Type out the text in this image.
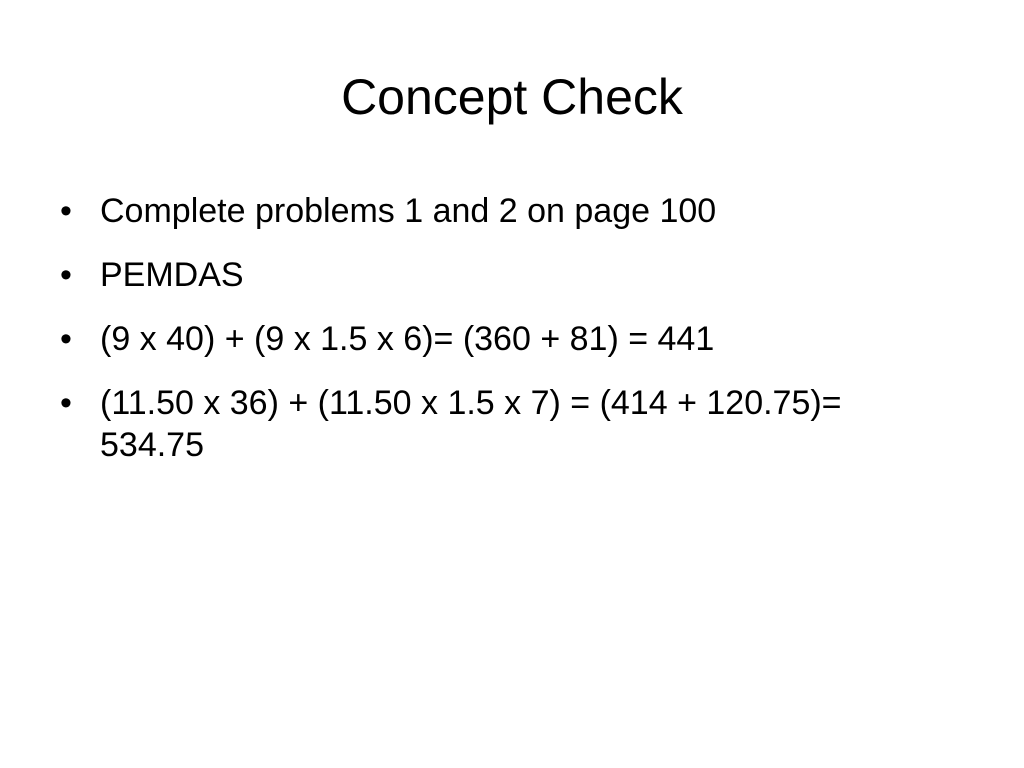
Concept Check
• Complete problems 1 and 2 on page 100
• PEMDAS
• (9 x 40) + (9 x 1.5 x 6)= (360 + 81) = 441
• (11.50 x 36) + (11.50 x 1.5 x 7) = (414 + 120.75)= 534.75
